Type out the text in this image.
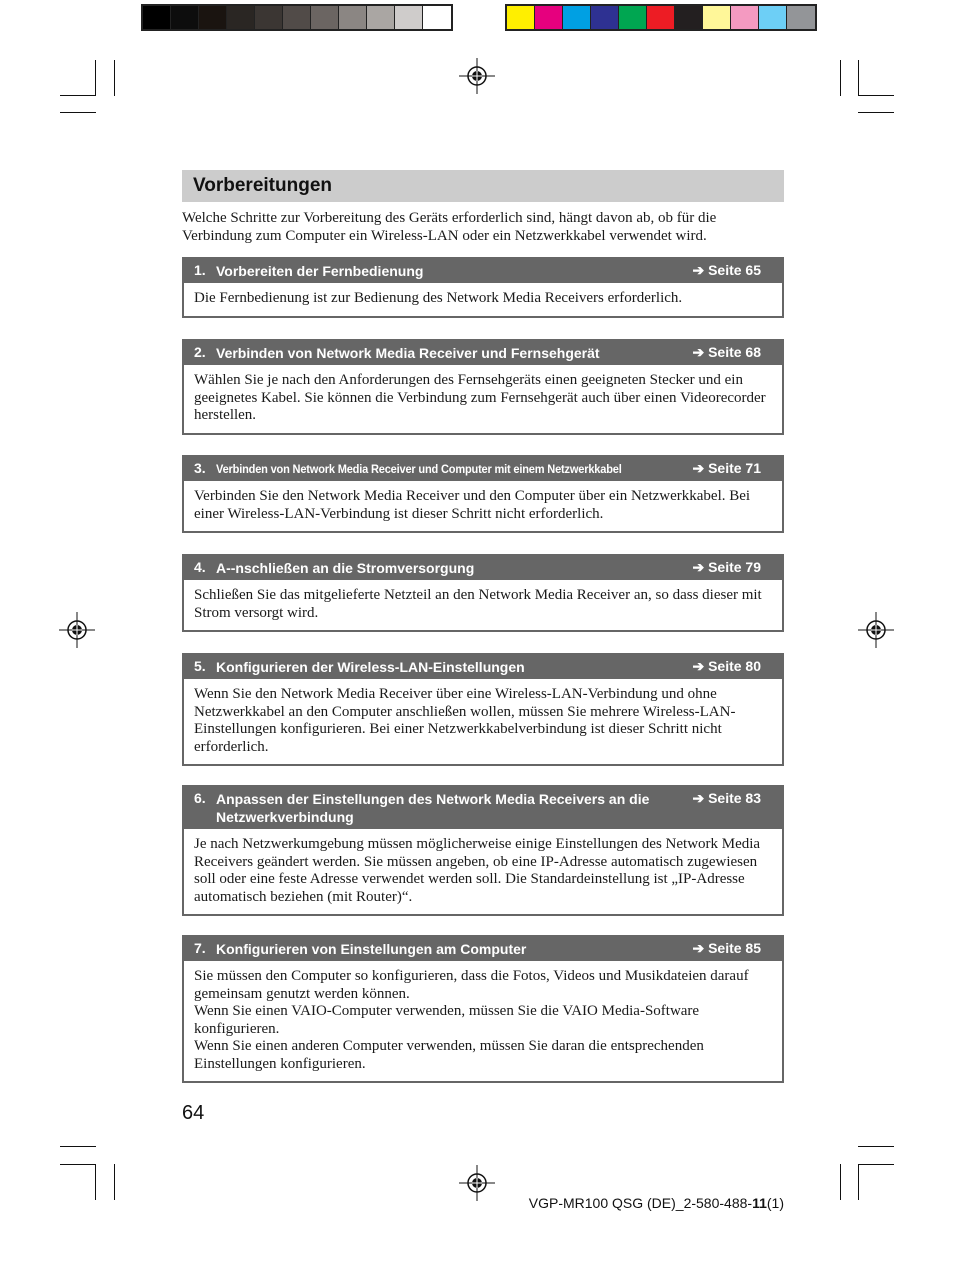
Vorbereitungen
Welche Schritte zur Vorbereitung des Geräts erforderlich sind, hängt davon ab, ob für die Verbindung zum Computer ein Wireless-LAN oder ein Netzwerkkabel verwendet wird.
1. Vorbereiten der Fernbedienung	➔ Seite 65

Die Fernbedienung ist zur Bedienung des Network Media Receivers erforderlich.

2. Verbinden von Network Media Receiver und Fernsehgerät	➔ Seite 68

Wählen Sie je nach den Anforderungen des Fernsehgeräts einen geeigneten Stecker und ein geeignetes Kabel. Sie können die Verbindung zum Fernsehgerät auch über einen Videorecorder herstellen.

3. Verbinden von Network Media Receiver und Computer mit einem Netzwerkkabel	➔ Seite 71

Verbinden Sie den Network Media Receiver und den Computer über ein Netzwerkkabel. Bei einer Wireless-LAN-Verbindung ist dieser Schritt nicht erforderlich.

4. A--nschließen an die Stromversorgung	➔ Seite 79

Schließen Sie das mitgelieferte Netzteil an den Network Media Receiver an, so dass dieser mit Strom versorgt wird.

5. Konfigurieren der Wireless-LAN-Einstellungen	➔ Seite 80

Wenn Sie den Network Media Receiver über eine Wireless-LAN-Verbindung und ohne Netzwerkkabel an den Computer anschließen wollen, müssen Sie mehrere Wireless-LAN-Einstellungen konfigurieren. Bei einer Netzwerkkabelverbindung ist dieser Schritt nicht erforderlich.

6. Anpassen der Einstellungen des Network Media Receivers an die Netzwerkverbindung
➔ Seite 83

Je nach Netzwerkumgebung müssen möglicherweise einige Einstellungen des Network Media Receivers geändert werden. Sie müssen angeben, ob eine IP-Adresse automatisch zugewiesen soll oder eine feste Adresse verwendet werden soll. Die Standardeinstellung ist „IP-Adresse automatisch beziehen (mit Router)“.

7. Konfigurieren von Einstellungen am Computer	➔ Seite 85

Sie müssen den Computer so konfigurieren, dass die Fotos, Videos und Musikdateien darauf gemeinsam genutzt werden können.

Wenn Sie einen VAIO-Computer verwenden, müssen Sie die VAIO Media-Software konfigurieren.

Wenn Sie einen anderen Computer verwenden, müssen Sie daran die entsprechenden Einstellungen konfigurieren.

64
VGP-MR100 QSG (DE)_2-580-488-11(1)
